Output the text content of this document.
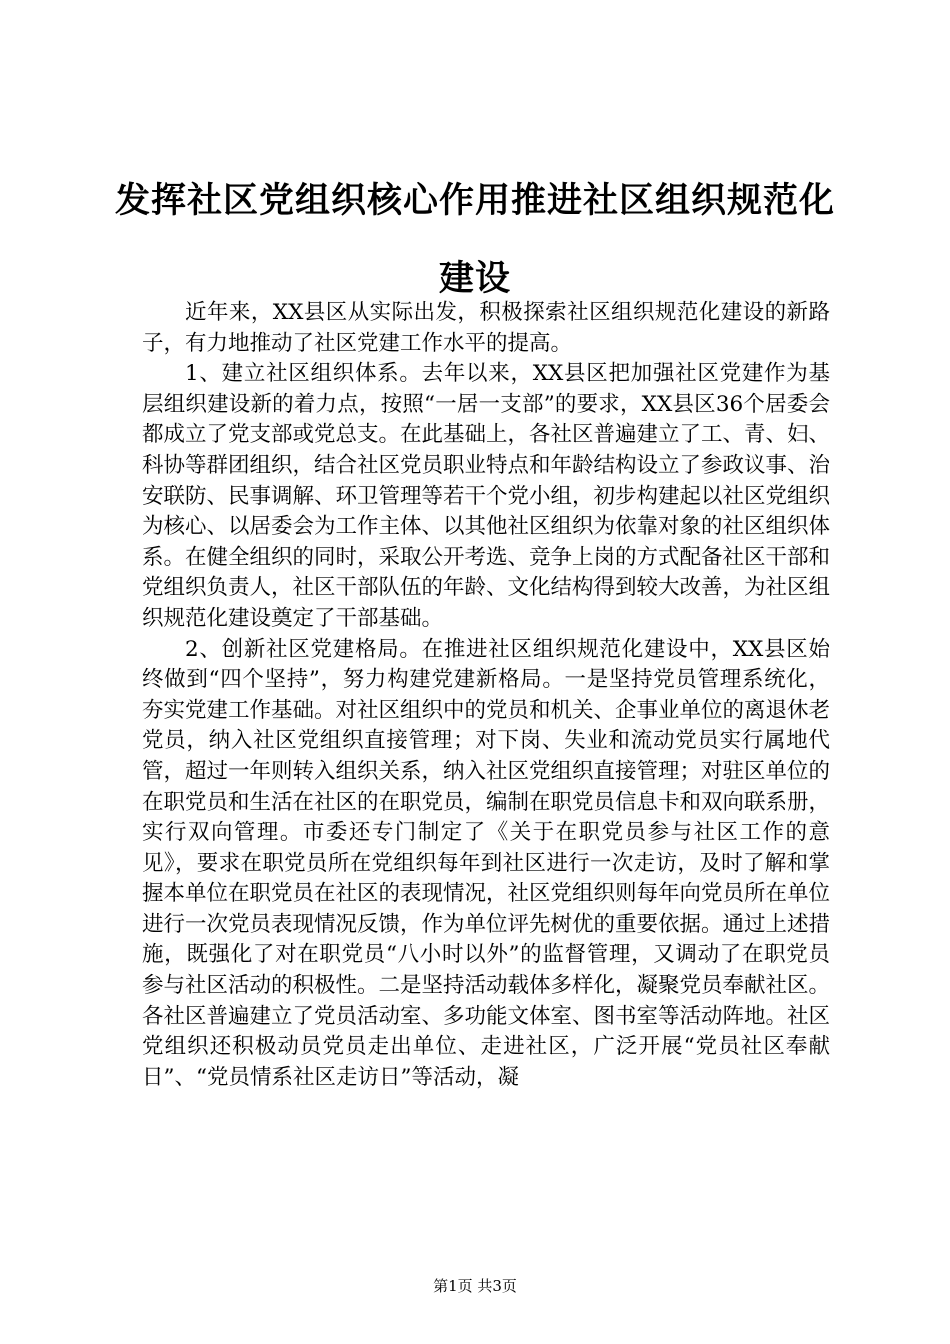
发挥社区党组织核心作用推进社区组织规范化建设

近年来，XX县区从实际出发，积极探索社区组织规范化建设的新路子，有力地推动了社区党建工作水平的提高。

1、建立社区组织体系。去年以来，XX县区把加强社区党建作为基层组织建设新的着力点，按照“一居一支部”的要求，XX县区36个居委会都成立了党支部或党总支。在此基础上，各社区普遍建立了工、青、妇、科协等群团组织，结合社区党员职业特点和年龄结构设立了参政议事、治安联防、民事调解、环卫管理等若干个党小组，初步构建起以社区党组织为核心、以居委会为工作主体、以其他社区组织为依靠对象的社区组织体系。在健全组织的同时，采取公开考选、竞争上岗的方式配备社区干部和党组织负责人，社区干部队伍的年龄、文化结构得到较大改善，为社区组织规范化建设奠定了干部基础。

2、创新社区党建格局。在推进社区组织规范化建设中，XX县区始终做到“四个坚持”，努力构建党建新格局。一是坚持党员管理系统化，夯实党建工作基础。对社区组织中的党员和机关、企事业单位的离退休老党员，纳入社区党组织直接管理；对下岗、失业和流动党员实行属地代管，超过一年则转入组织关系，纳入社区党组织直接管理；对驻区单位的在职党员和生活在社区的在职党员，编制在职党员信息卡和双向联系册，实行双向管理。市委还专门制定了《关于在职党员参与社区工作的意见》，要求在职党员所在党组织每年到社区进行一次走访，及时了解和掌握本单位在职党员在社区的表现情况，社区党组织则每年向党员所在单位进行一次党员表现情况反馈，作为单位评先树优的重要依据。通过上述措施，既强化了对在职党员“八小时以外”的监督管理，又调动了在职党员参与社区活动的积极性。二是坚持活动载体多样化，凝聚党员奉献社区。各社区普遍建立了党员活动室、多功能文体室、图书室等活动阵地。社区党组织还积极动员党员走出单位、走进社区，广泛开展“党员社区奉献日”、“党员情系社区走访日”等活动，凝

第1页 共3页
